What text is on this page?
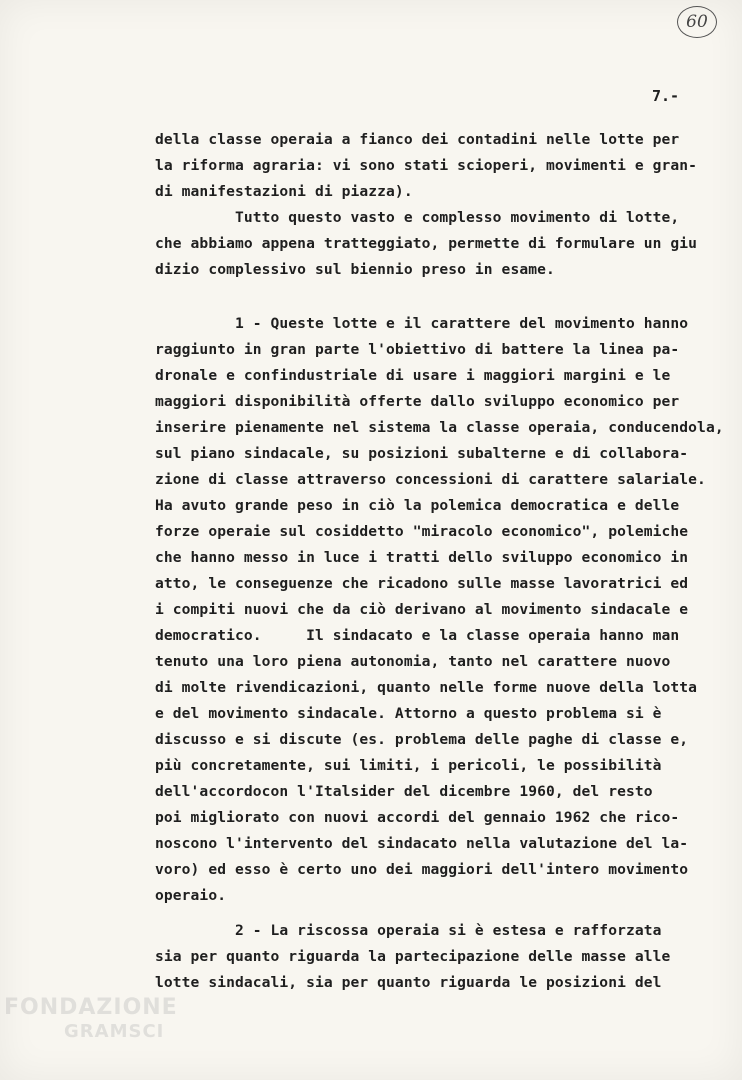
60
7.-
della classe operaia a fianco dei contadini nelle lotte per
la riforma agraria: vi sono stati scioperi, movimenti e gran-
di manifestazioni di piazza).
Tutto questo vasto e complesso movimento di lotte,
che abbiamo appena tratteggiato, permette di formulare un giu
dizio complessivo sul biennio preso in esame.
1 - Queste lotte e il carattere del movimento hanno
raggiunto in gran parte l'obiettivo di battere la linea pa-
dronale e confindustriale di usare i maggiori margini e le
maggiori disponibilità offerte dallo sviluppo economico per
inserire pienamente nel sistema la classe operaia, conducendola,
sul piano sindacale, su posizioni subalterne e di collabora-
zione di classe attraverso concessioni di carattere salariale.
Ha avuto grande peso in ciò la polemica democratica e delle
forze operaie sul cosiddetto "miracolo economico", polemiche
che hanno messo in luce i tratti dello sviluppo economico in
atto, le conseguenze che ricadono sulle masse lavoratrici ed
i compiti nuovi che da ciò derivano al movimento sindacale e
democratico.     Il sindacato e la classe operaia hanno man
tenuto una loro piena autonomia, tanto nel carattere nuovo
di molte rivendicazioni, quanto nelle forme nuove della lotta
e del movimento sindacale. Attorno a questo problema si è
discusso e si discute (es. problema delle paghe di classe e,
più concretamente, sui limiti, i pericoli, le possibilità
dell'accordocon l'Italsider del dicembre 1960, del resto
poi migliorato con nuovi accordi del gennaio 1962 che rico-
noscono l'intervento del sindacato nella valutazione del la-
voro) ed esso è certo uno dei maggiori dell'intero movimento
operaio.
2 - La riscossa operaia si è estesa e rafforzata
sia per quanto riguarda la partecipazione delle masse alle
lotte sindacali, sia per quanto riguarda le posizioni del
FONDAZIONE
GRAMSCI
